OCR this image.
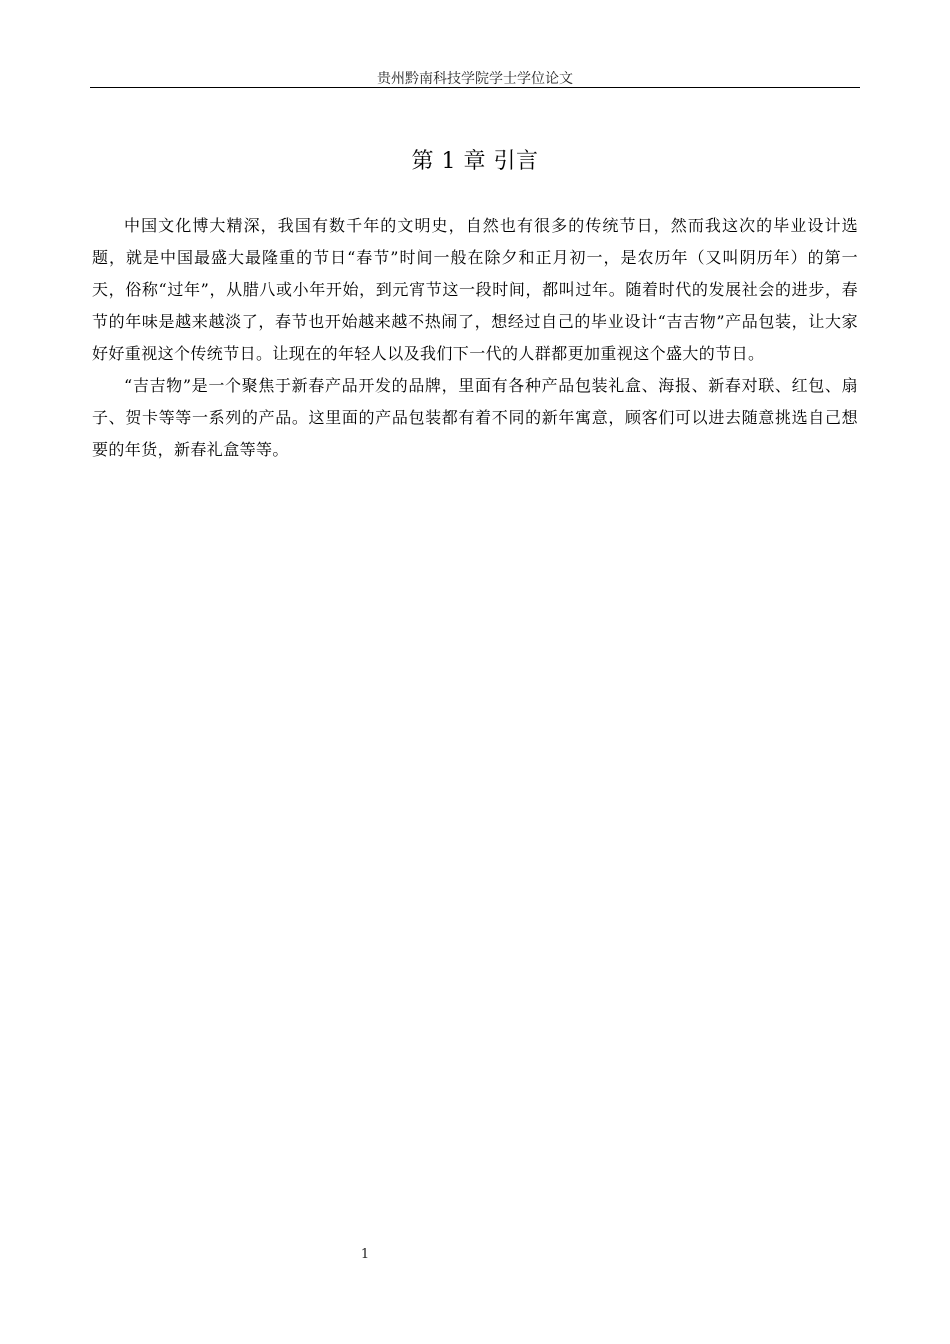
贵州黔南科技学院学士学位论文
第 1 章 引言

中国文化博大精深，我国有数千年的文明史，自然也有很多的传统节日，然而我这次的毕业设计选题，就是中国最盛大最隆重的节日“春节”时间一般在除夕和正月初一，是农历年（又叫阴历年）的第一天，俗称“过年”，从腊八或小年开始，到元宵节这一段时间，都叫过年。随着时代的发展社会的进步，春节的年味是越来越淡了，春节也开始越来越不热闹了，想经过自己的毕业设计“吉吉物”产品包装，让大家好好重视这个传统节日。让现在的年轻人以及我们下一代的人群都更加重视这个盛大的节日。

“吉吉物”是一个聚焦于新春产品开发的品牌，里面有各种产品包装礼盒、海报、新春对联、红包、扇子、贺卡等等一系列的产品。这里面的产品包装都有着不同的新年寓意，顾客们可以进去随意挑选自己想要的年货，新春礼盒等等。

1
